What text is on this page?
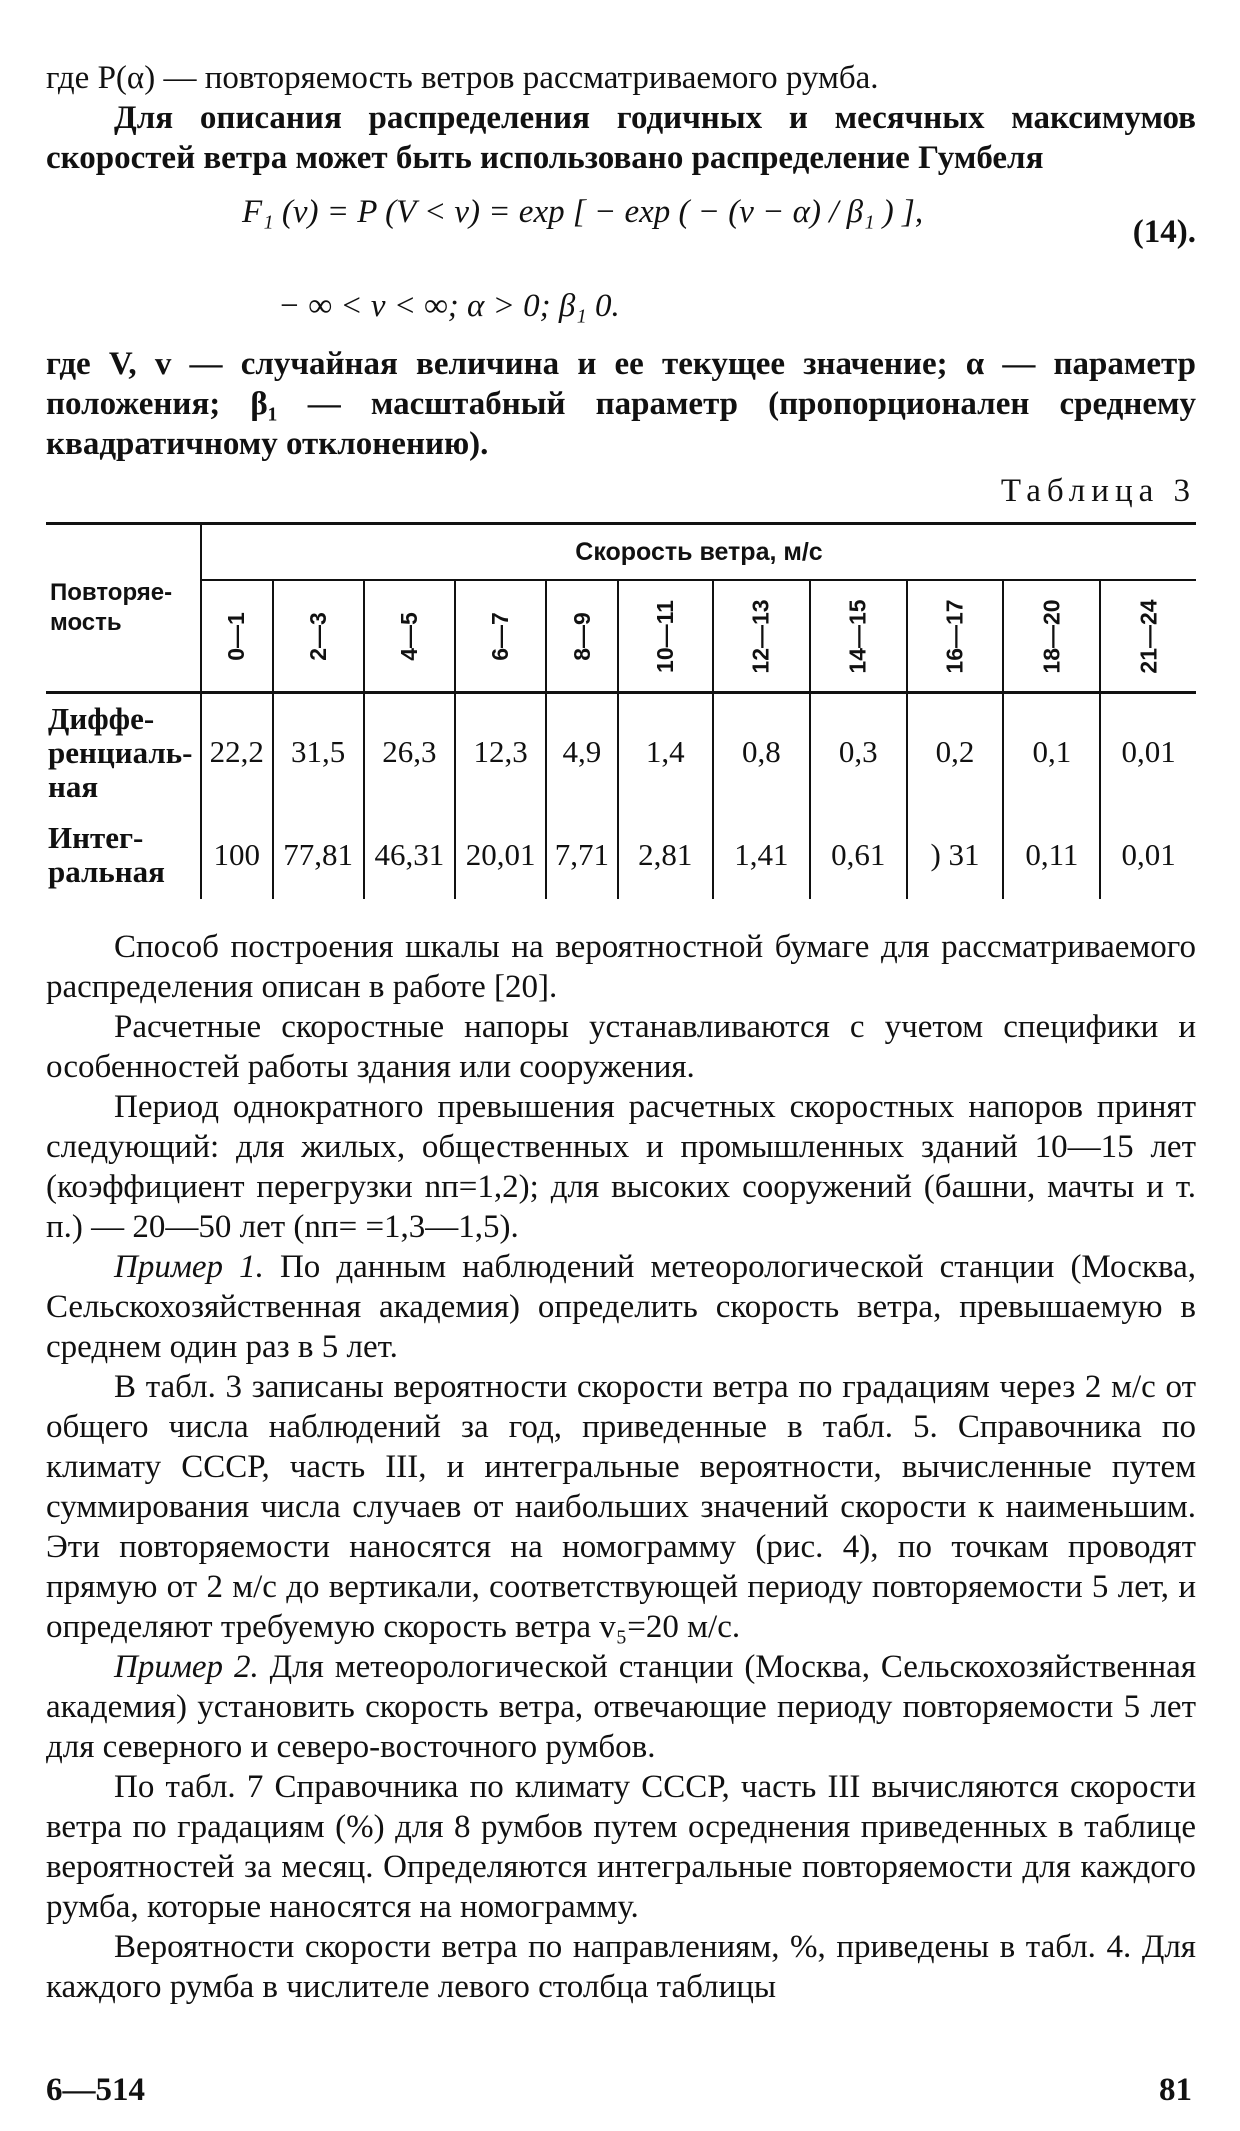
где P(α) — повторяемость ветров рассматриваемого румба.

Для описания распределения годичных и месячных максимумов скоростей ветра может быть использовано распределение Гумбеля

F₁ (v) = P (V < v) = exp [ − exp ( − (v − α) / β₁ ) ],
(14).
− ∞ < v < ∞; α > 0; β₁ 0.

где V, v — случайная величина и ее текущее значение; α — параметр положения; β₁ — масштабный параметр (пропорционален среднему квадратичному отклонению).

Таблица 3
Повторяе- мость	Скорость ветра, м/с										
	0—1	2—3	4—5	6—7	8—9	10—11	12—13	14—15	16—17	18—20	21—24
Диффе- ренциаль- ная	22,2	31,5	26,3	12,3	4,9	1,4	0,8	0,3	0,2	0,1	0,01
Интег- ральная	100	77,81	46,31	20,01	7,71	2,81	1,41	0,61	) 31	0,11	0,01

Способ построения шкалы на вероятностной бумаге для рассматриваемого распределения описан в работе [20].

Расчетные скоростные напоры устанавливаются с учетом специфики и особенностей работы здания или сооружения.

Период однократного превышения расчетных скоростных напоров принят следующий: для жилых, общественных и промышленных зданий 10—15 лет (коэффициент перегрузки nп=1,2); для высоких сооружений (башни, мачты и т. п.) — 20—50 лет (nп= =1,3—1,5).

Пример 1. По данным наблюдений метеорологической станции (Москва, Сельскохозяйственная академия) определить скорость ветра, превышаемую в среднем один раз в 5 лет.

В табл. 3 записаны вероятности скорости ветра по градациям через 2 м/с от общего числа наблюдений за год, приведенные в табл. 5. Справочника по климату СССР, часть III, и интегральные вероятности, вычисленные путем суммирования числа случаев от наибольших значений скорости к наименьшим. Эти повторяемости наносятся на номограмму (рис. 4), по точкам проводят прямую от 2 м/с до вертикали, соответствующей периоду повторяемости 5 лет, и определяют требуемую скорость ветра v₅=20 м/с.

Пример 2. Для метеорологической станции (Москва, Сельскохозяйственная академия) установить скорость ветра, отвечающие периоду повторяемости 5 лет для северного и северо-восточного румбов.

По табл. 7 Справочника по климату СССР, часть III вычисляются скорости ветра по градациям (%) для 8 румбов путем осреднения приведенных в таблице вероятностей за месяц. Определяются интегральные повторяемости для каждого румба, которые наносятся на номограмму.

Вероятности скорости ветра по направлениям, %, приведены в табл. 4. Для каждого румба в числителе левого столбца таблицы

6—514	81
